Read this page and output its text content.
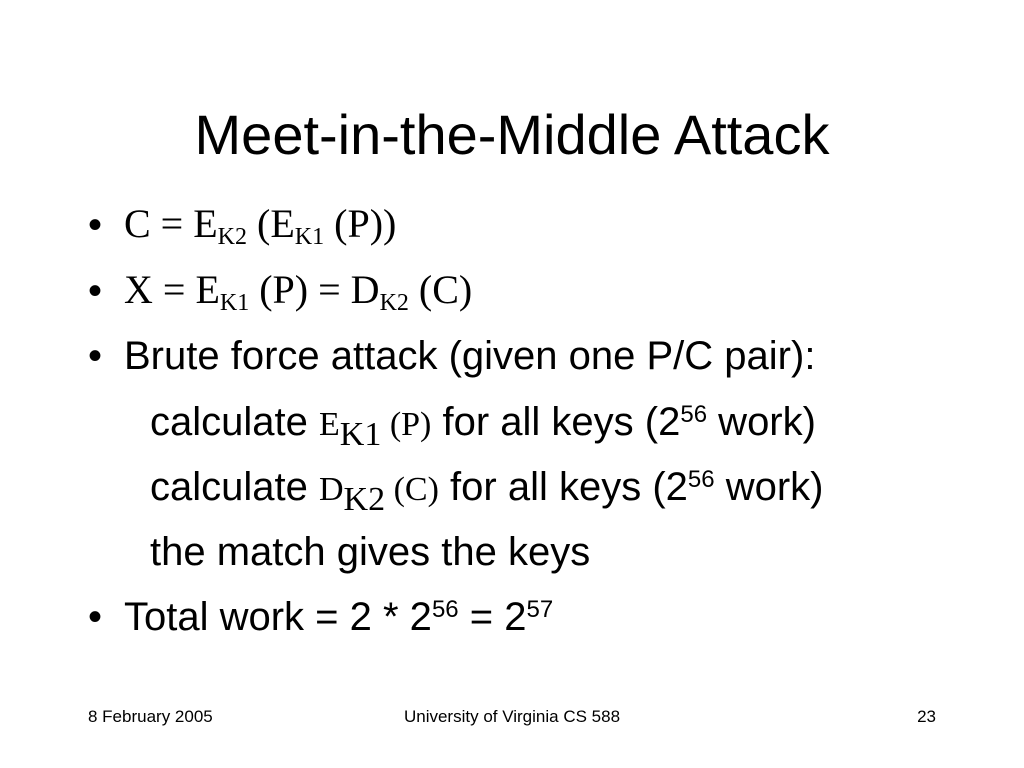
Meet-in-the-Middle Attack
• $C = E_{K2}$ ($E_{K1}$ (P))
• $X = E_{K1}$ $(P) = D_{K2}$ (C)
• Brute force attack (given one P/C pair):
calculate $E_{K1}$ (P) for all keys ($2^{56}$ work)
calculate $D_{K2}$ (C) for all keys ($2^{56}$ work)
the match gives the keys
• Total work = $2 * 2^{56} = 2^{57}$
8 February 2005	University of Virginia CS 588	23
